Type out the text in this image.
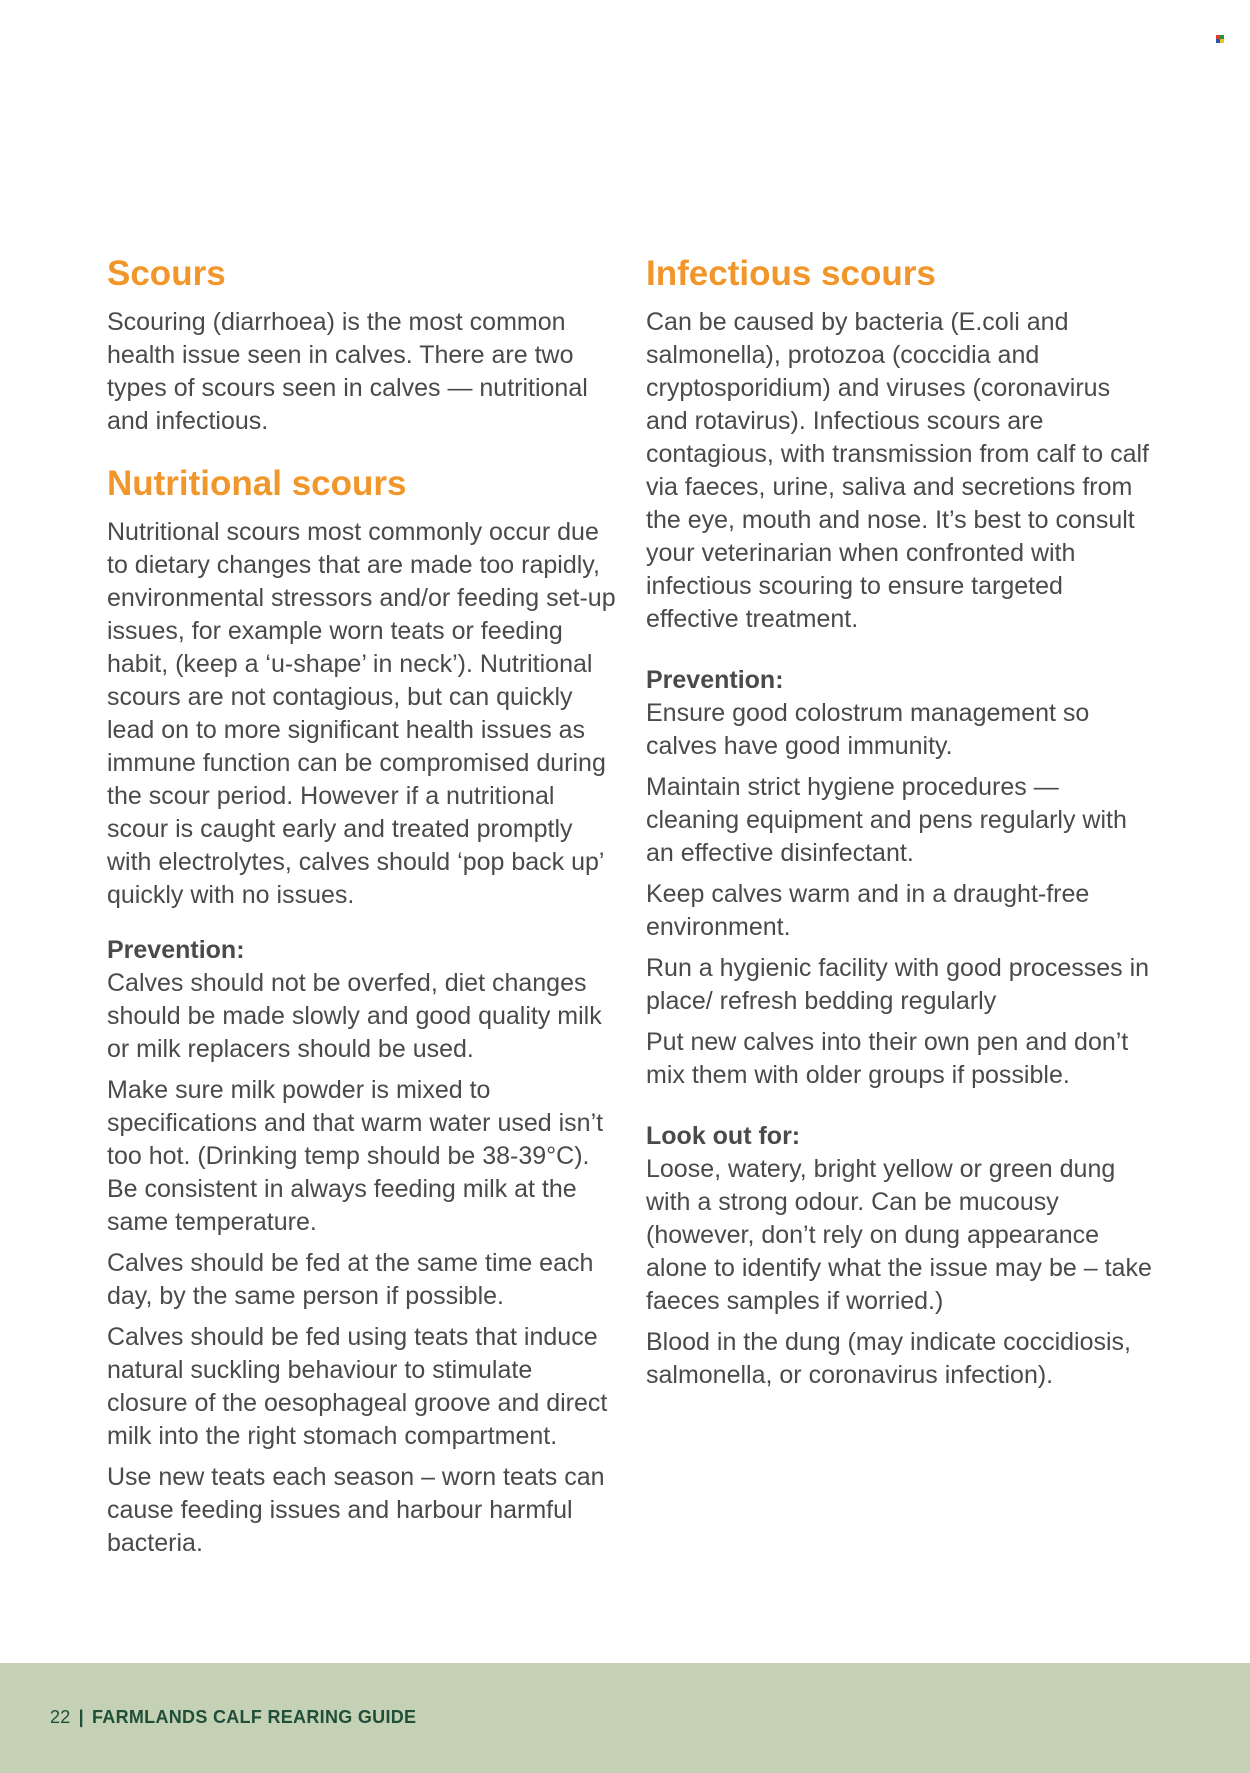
Scours

Scouring (diarrhoea) is the most common health issue seen in calves. There are two types of scours seen in calves — nutritional and infectious.

Nutritional scours

Nutritional scours most commonly occur due to dietary changes that are made too rapidly, environmental stressors and/or feeding set-up issues, for example worn teats or feeding habit, (keep a ‘u-shape’ in neck’). Nutritional scours are not contagious, but can quickly lead on to more significant health issues as immune function can be compromised during the scour period. However if a nutritional scour is caught early and treated promptly with electrolytes, calves should ‘pop back up’ quickly with no issues.

Prevention:

Calves should not be overfed, diet changes should be made slowly and good quality milk or milk replacers should be used.

Make sure milk powder is mixed to specifications and that warm water used isn’t too hot. (Drinking temp should be 38-39°C). Be consistent in always feeding milk at the same temperature.

Calves should be fed at the same time each day, by the same person if possible.

Calves should be fed using teats that induce natural suckling behaviour to stimulate closure of the oesophageal groove and direct milk into the right stomach compartment.

Use new teats each season – worn teats can cause feeding issues and harbour harmful bacteria.

Infectious scours

Can be caused by bacteria (E.coli and salmonella), protozoa (coccidia and cryptosporidium) and viruses (coronavirus and rotavirus). Infectious scours are contagious, with transmission from calf to calf via faeces, urine, saliva and secretions from the eye, mouth and nose. It’s best to consult your veterinarian when confronted with infectious scouring to ensure targeted effective treatment.

Prevention:

Ensure good colostrum management so calves have good immunity.

Maintain strict hygiene procedures — cleaning equipment and pens regularly with an effective disinfectant.

Keep calves warm and in a draught-free environment.

Run a hygienic facility with good processes in place/ refresh bedding regularly

Put new calves into their own pen and don’t mix them with older groups if possible.

Look out for:

Loose, watery, bright yellow or green dung with a strong odour. Can be mucousy (however, don’t rely on dung appearance alone to identify what the issue may be – take faeces samples if worried.)

Blood in the dung (may indicate coccidiosis, salmonella, or coronavirus infection).

22 | FARMLANDS CALF REARING GUIDE
